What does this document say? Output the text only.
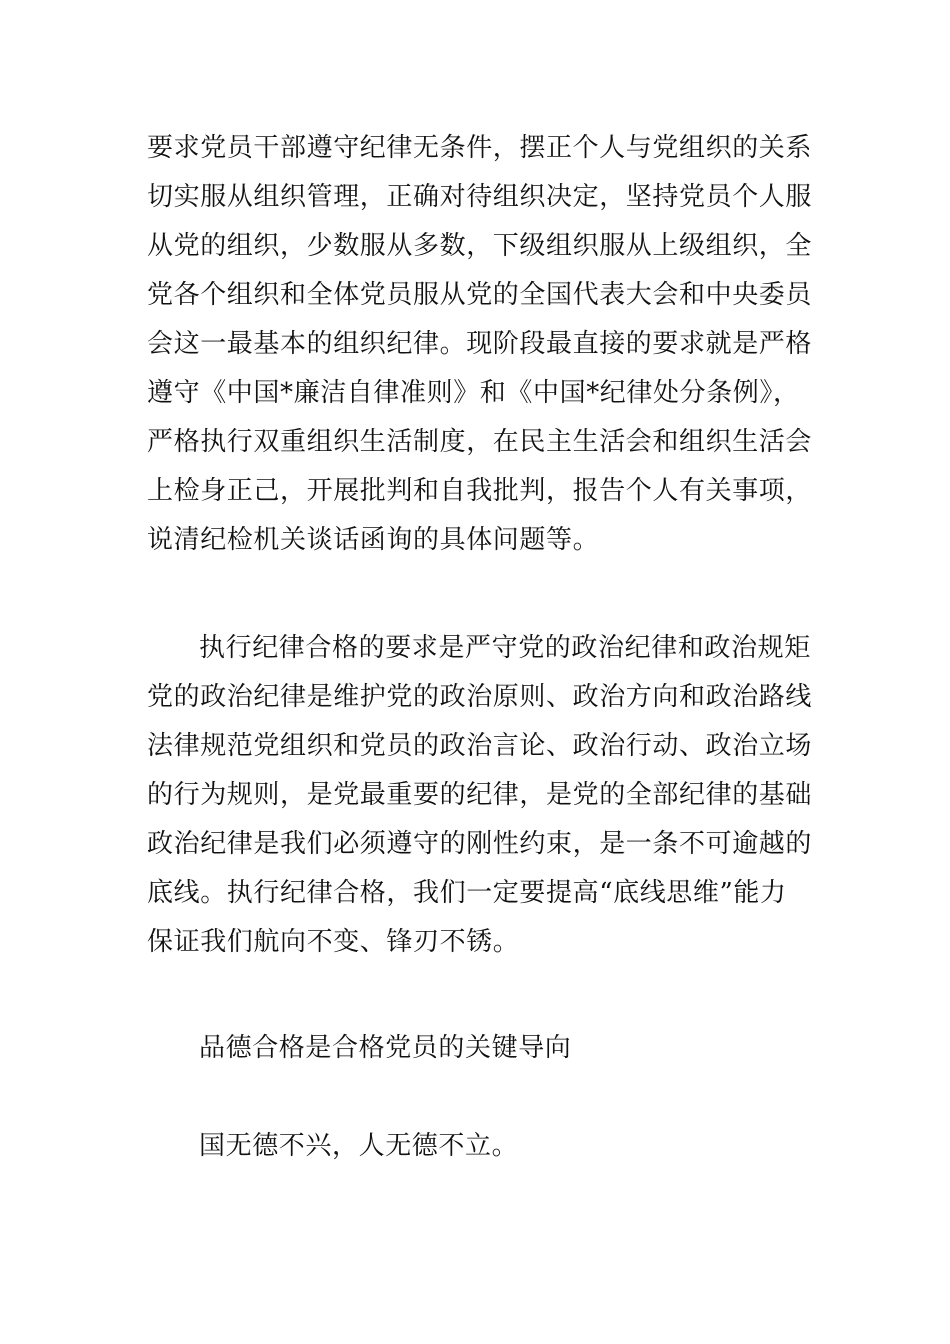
要求党员干部遵守纪律无条件，摆正个人与党组织的关系
切实服从组织管理，正确对待组织决定，坚持党员个人服
从党的组织，少数服从多数，下级组织服从上级组织，全
党各个组织和全体党员服从党的全国代表大会和中央委员
会这一最基本的组织纪律。现阶段最直接的要求就是严格
遵守《中国*廉洁自律准则》和《中国*纪律处分条例》，
严格执行双重组织生活制度，在民主生活会和组织生活会
上检身正己，开展批判和自我批判，报告个人有关事项，
说清纪检机关谈话函询的具体问题等。
执行纪律合格的要求是严守党的政治纪律和政治规矩
党的政治纪律是维护党的政治原则、政治方向和政治路线
法律规范党组织和党员的政治言论、政治行动、政治立场
的行为规则，是党最重要的纪律，是党的全部纪律的基础
政治纪律是我们必须遵守的刚性约束，是一条不可逾越的
底线。执行纪律合格，我们一定要提高“底线思维”能力
保证我们航向不变、锋刃不锈。
品德合格是合格党员的关键导向
国无德不兴，人无德不立。
